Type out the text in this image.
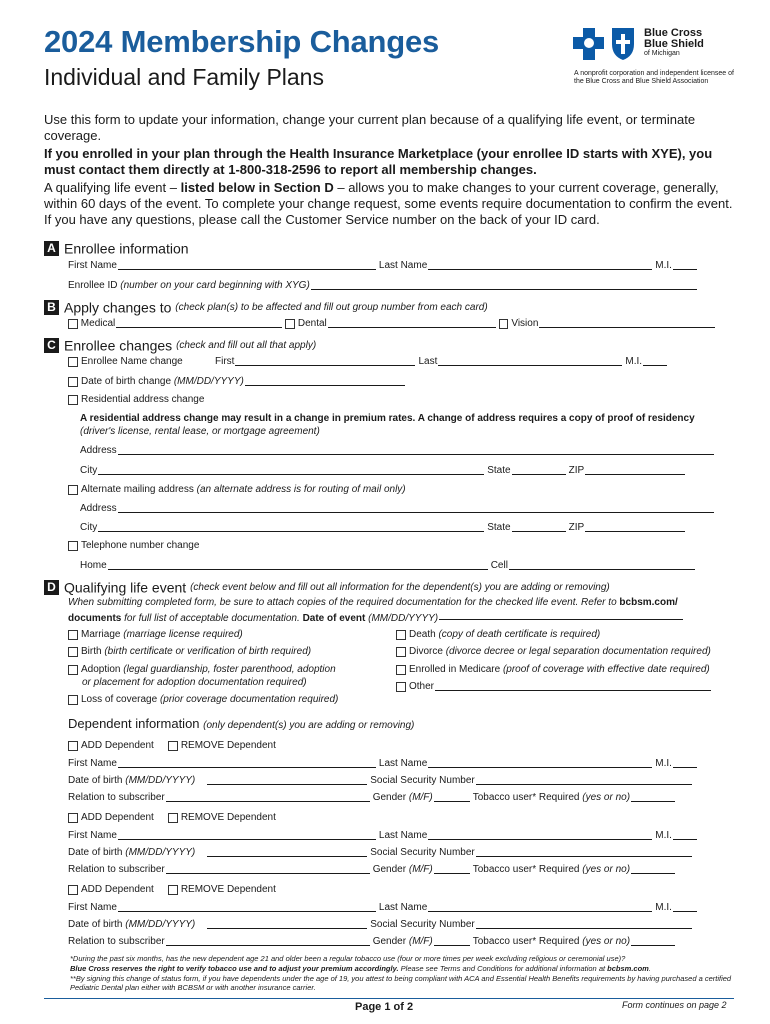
2024 Membership Changes
Individual and Family Plans
Blue Cross
Blue Shield
of Michigan
A nonprofit corporation and independent licensee of the Blue Cross and Blue Shield Association
Use this form to update your information, change your current plan because of a qualifying life event, or terminate coverage.
If you enrolled in your plan through the Health Insurance Marketplace (your enrollee ID starts with XYE), you must contact them directly at 1-800-318-2596 to report all membership changes.
A qualifying life event – listed below in Section D – allows you to make changes to your current coverage, generally, within 60 days of the event. To complete your change request, some events require documentation to confirm the event. If you have any questions, please call the Customer Service number on the back of your ID card.
A Enrollee information
First Name	Last Name	M.I.
Enrollee ID
(number on your card beginning with XYG)
B Apply changes to (check plan(s) to be affected and fill out group number from each card)
Medical	Dental	Vision
C Enrollee changes (check and fill out all that apply)
Enrollee Name change	First	Last	M.I.
Date of birth change
(MM/DD/YYYY)
Residential address change
A residential address change may result in a change in premium rates. A change of address requires a copy of proof of residency
(driver's license, rental lease, or mortgage agreement)
Address
City	State	ZIP
Alternate mailing address
(an alternate address is for routing of mail only)
Address
City	State	ZIP
Telephone number change
Home	Cell
D Qualifying life event (check event below and fill out all information for the dependent(s) you are adding or removing)
When submitting completed form, be sure to attach copies of the required documentation for the checked life event. Refer to bcbsm.com/
documents for full list of acceptable documentation. Date of event (MM/DD/YYYY)
Marriage
(marriage license required)
Birth
(birth certificate or verification of birth required)
Adoption
(legal guardianship, foster parenthood, adoption
or placement for adoption documentation required)
Loss of coverage
(prior coverage documentation required)
Death
(copy of death certificate is required)
Divorce
(divorce decree or legal separation documentation required)
Enrolled in Medicare
(proof of coverage with effective date required)
Other
Dependent information (only dependent(s) you are adding or removing)
ADD Dependent	REMOVE Dependent
First Name	Last Name	M.I.
Date of birth
(MM/DD/YYYY)	Social Security Number
Relation to subscriber	Gender
(M/F)	Tobacco user* Required
(yes or no)
ADD Dependent	REMOVE Dependent
First Name	Last Name	M.I.
Date of birth
(MM/DD/YYYY)	Social Security Number
Relation to subscriber	Gender
(M/F)	Tobacco user* Required
(yes or no)
ADD Dependent	REMOVE Dependent
First Name	Last Name	M.I.
Date of birth
(MM/DD/YYYY)	Social Security Number
Relation to subscriber	Gender
(M/F)	Tobacco user* Required
(yes or no)
*During the past six months, has the new dependent age 21 and older been a regular tobacco use (four or more times per week excluding religious or ceremonial use)?
Blue Cross reserves the right to verify tobacco use and to adjust your premium accordingly. Please see Terms and Conditions for additional information at bcbsm.com.
**By signing this change of status form, if you have dependents under the age of 19, you attest to being compliant with ACA and Essential Health Benefits requirements by having purchased a certified Pediatric Dental plan either with BCBSM or with another insurance carrier.
Page 1 of 2	Form continues on page 2
